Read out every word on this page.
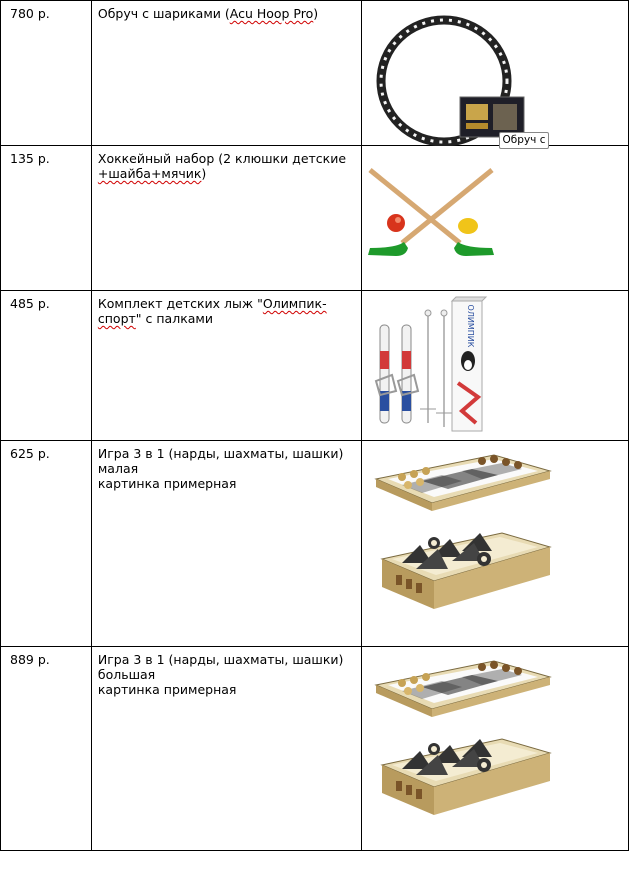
780 р.	Обруч с шариками (Acu Hoop Pro)	Обруч с

135 р.	Хоккейный набор (2 клюшки детские
+шайба+мячик)

485 р.	Комплект детских лыж "Олимпик-
спорт" с палками	ОЛИМПИК

625 р.	Игра 3 в 1 (нарды, шахматы, шашки)
малая
картинка примерная

889 р.	Игра 3 в 1 (нарды, шахматы, шашки)
большая
картинка примерная
